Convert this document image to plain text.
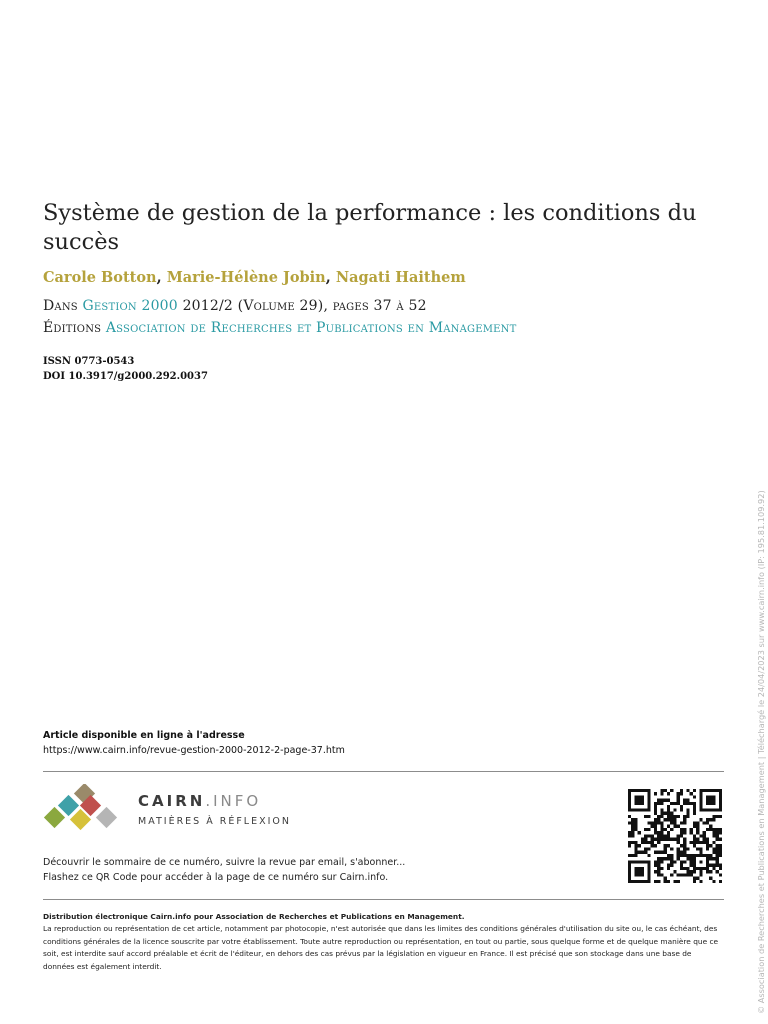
Système de gestion de la performance : les conditions du succès
Carole Botton, Marie-Hélène Jobin, Nagati Haithem
Dans Gestion 2000 2012/2 (Volume 29), pages 37 à 52
Éditions Association de Recherches et Publications en Management
ISSN 0773-0543
DOI 10.3917/g2000.292.0037
Article disponible en ligne à l'adresse
https://www.cairn.info/revue-gestion-2000-2012-2-page-37.htm
CAIRN.INFO
MATIÈRES À RÉFLEXION
Découvrir le sommaire de ce numéro, suivre la revue par email, s'abonner...
Flashez ce QR Code pour accéder à la page de ce numéro sur Cairn.info.
Distribution électronique Cairn.info pour Association de Recherches et Publications en Management.
La reproduction ou représentation de cet article, notamment par photocopie, n'est autorisée que dans les limites des conditions générales d'utilisation du site ou, le cas échéant, des conditions générales de la licence souscrite par votre établissement. Toute autre reproduction ou représentation, en tout ou partie, sous quelque forme et de quelque manière que ce soit, est interdite sauf accord préalable et écrit de l'éditeur, en dehors des cas prévus par la législation en vigueur en France. Il est précisé que son stockage dans une base de données est également interdit.	© Association de Recherches et Publications en Management | Téléchargé le 24/04/2023 sur www.cairn.info (IP: 195.81.109.92)
